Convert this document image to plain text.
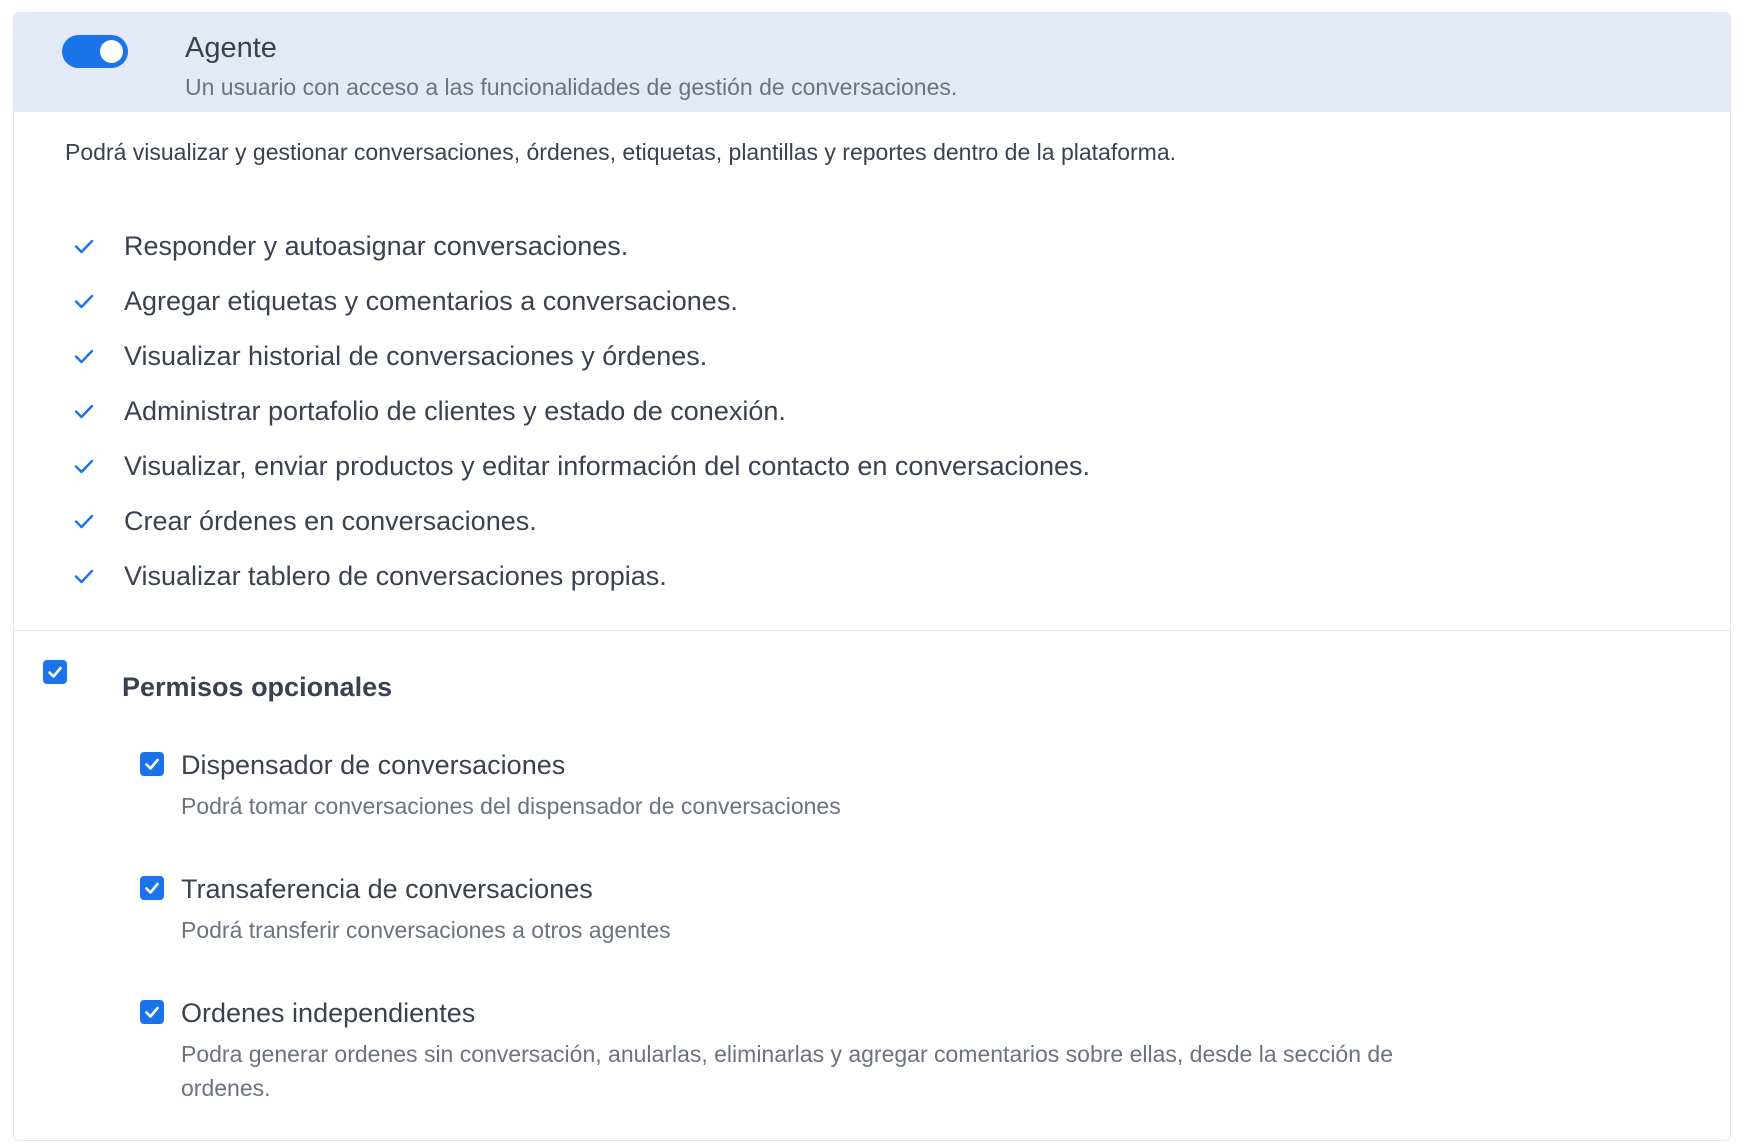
Agente
Un usuario con acceso a las funcionalidades de gestión de conversaciones.
Podrá visualizar y gestionar conversaciones, órdenes, etiquetas, plantillas y reportes dentro de la plataforma.
Responder y autoasignar conversaciones.
Agregar etiquetas y comentarios a conversaciones.
Visualizar historial de conversaciones y órdenes.
Administrar portafolio de clientes y estado de conexión.
Visualizar, enviar productos y editar información del contacto en conversaciones.
Crear órdenes en conversaciones.
Visualizar tablero de conversaciones propias.
Permisos opcionales
Dispensador de conversaciones
Podrá tomar conversaciones del dispensador de conversaciones
Transaferencia de conversaciones
Podrá transferir conversaciones a otros agentes
Ordenes independientes
Podra generar ordenes sin conversación, anularlas, eliminarlas y agregar comentarios sobre ellas, desde la sección de ordenes.
